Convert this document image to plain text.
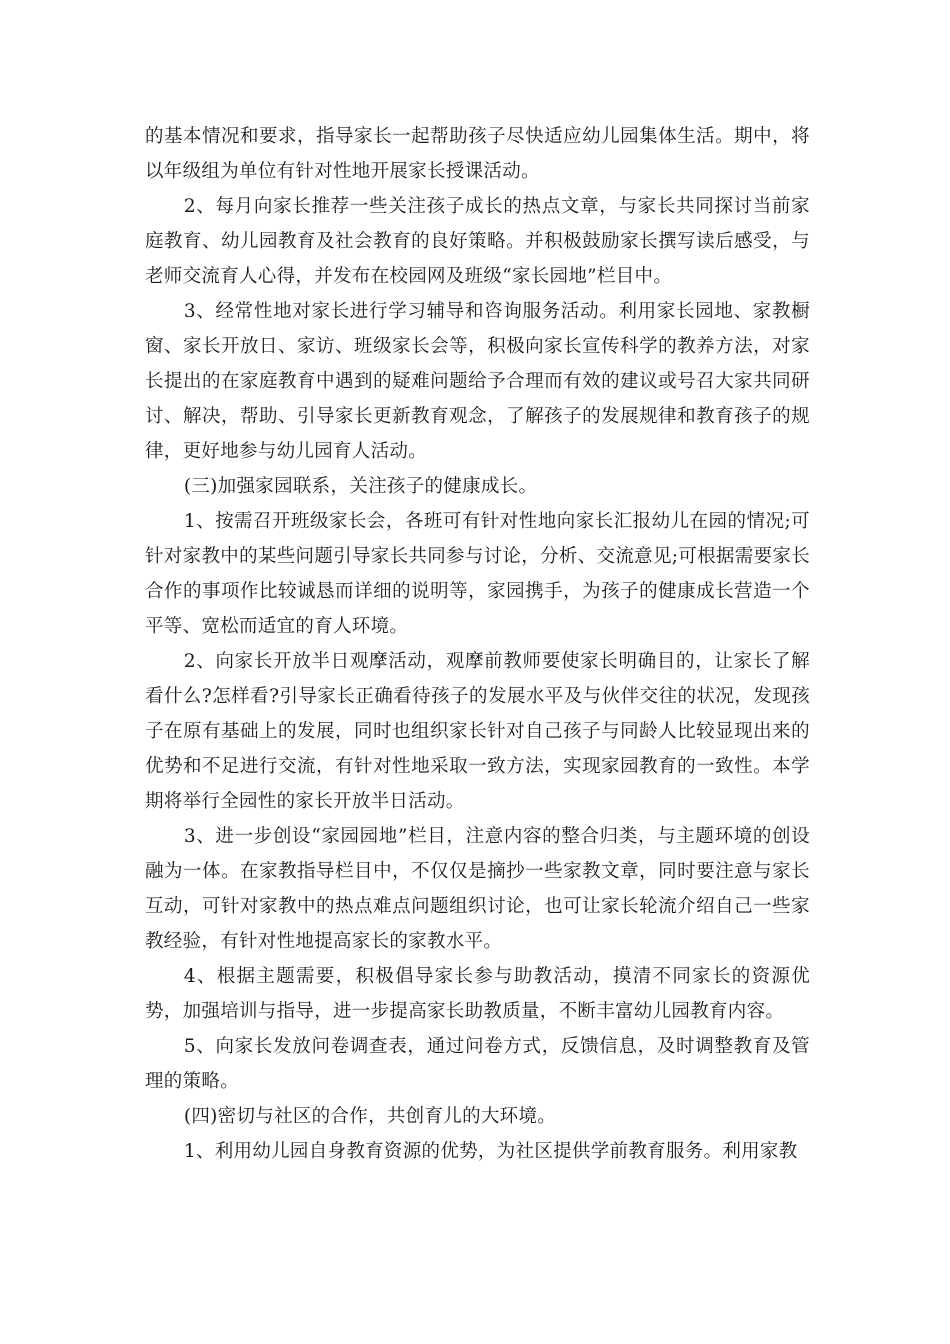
的基本情况和要求，指导家长一起帮助孩子尽快适应幼儿园集体生活。期中，将以年级组为单位有针对性地开展家长授课活动。

2、每月向家长推荐一些关注孩子成长的热点文章，与家长共同探讨当前家庭教育、幼儿园教育及社会教育的良好策略。并积极鼓励家长撰写读后感受，与老师交流育人心得，并发布在校园网及班级“家长园地”栏目中。

3、经常性地对家长进行学习辅导和咨询服务活动。利用家长园地、家教橱窗、家长开放日、家访、班级家长会等，积极向家长宣传科学的教养方法，对家长提出的在家庭教育中遇到的疑难问题给予合理而有效的建议或号召大家共同研讨、解决，帮助、引导家长更新教育观念，了解孩子的发展规律和教育孩子的规律，更好地参与幼儿园育人活动。

(三)加强家园联系，关注孩子的健康成长。

1、按需召开班级家长会，各班可有针对性地向家长汇报幼儿在园的情况;可针对家教中的某些问题引导家长共同参与讨论，分析、交流意见;可根据需要家长合作的事项作比较诚恳而详细的说明等，家园携手，为孩子的健康成长营造一个平等、宽松而适宜的育人环境。

2、向家长开放半日观摩活动，观摩前教师要使家长明确目的，让家长了解看什么?怎样看?引导家长正确看待孩子的发展水平及与伙伴交往的状况，发现孩子在原有基础上的发展，同时也组织家长针对自己孩子与同龄人比较显现出来的优势和不足进行交流，有针对性地采取一致方法，实现家园教育的一致性。本学期将举行全园性的家长开放半日活动。

3、进一步创设“家园园地”栏目，注意内容的整合归类，与主题环境的创设融为一体。在家教指导栏目中，不仅仅是摘抄一些家教文章，同时要注意与家长互动，可针对家教中的热点难点问题组织讨论，也可让家长轮流介绍自己一些家教经验，有针对性地提高家长的家教水平。

4、根据主题需要，积极倡导家长参与助教活动，摸清不同家长的资源优势，加强培训与指导，进一步提高家长助教质量，不断丰富幼儿园教育内容。

5、向家长发放问卷调查表，通过问卷方式，反馈信息，及时调整教育及管理的策略。

(四)密切与社区的合作，共创育儿的大环境。

1、利用幼儿园自身教育资源的优势，为社区提供学前教育服务。利用家教
